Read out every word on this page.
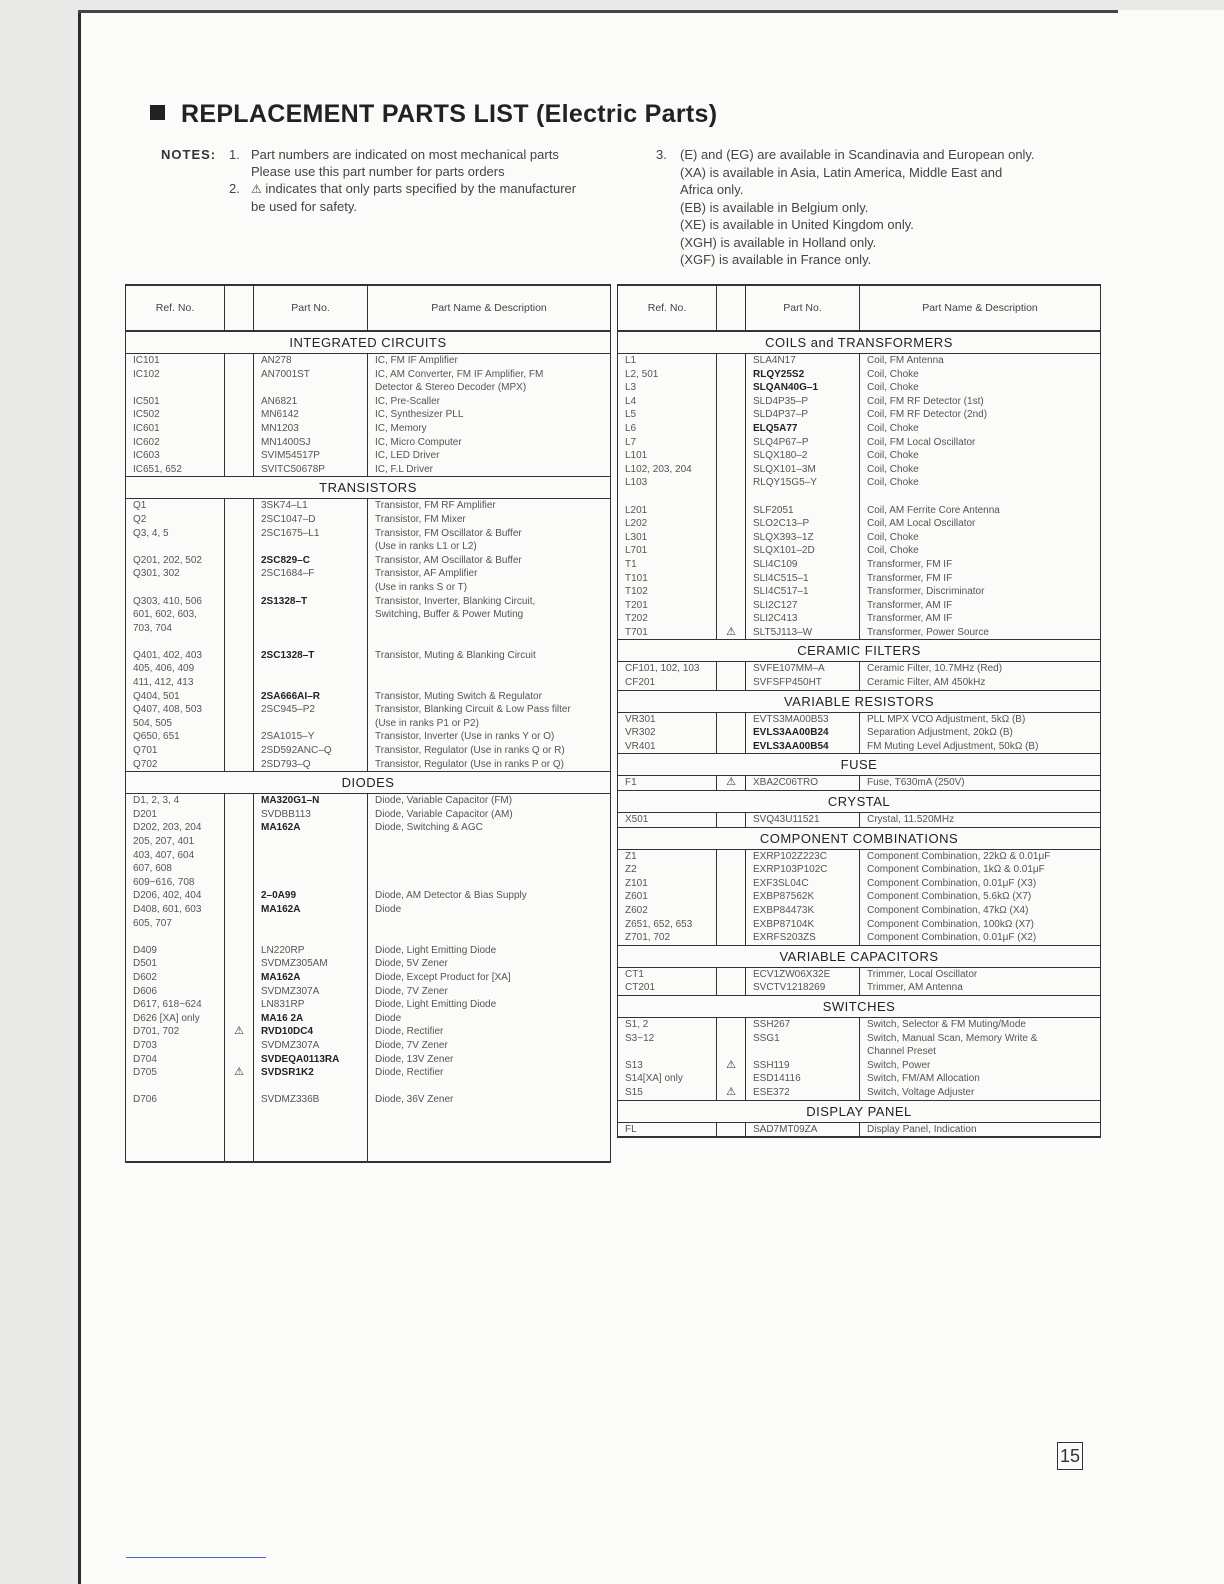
REPLACEMENT PARTS LIST (Electric Parts)
NOTES: 1. Part numbers are indicated on most mechanical parts
Please use this part number for parts orders
2. ⚠ indicates that only parts specified by the manufacturer
be used for safety.
3. (E) and (EG) are available in Scandinavia and European only.
(XA) is available in Asia, Latin America, Middle East and
Africa only.
(EB) is available in Belgium only.
(XE) is available in United Kingdom only.
(XGH) is available in Holland only.
(XGF) is available in France only.
Ref. No.		Part No.	Part Name & Description
INTEGRATED CIRCUITS			
IC101		AN278	IC, FM IF Amplifier
IC102		AN7001ST	IC, AM Converter, FM IF Amplifier, FM
			Detector & Stereo Decoder (MPX)
IC501		AN6821	IC, Pre-Scaller
IC502		MN6142	IC, Synthesizer PLL
IC601		MN1203	IC, Memory
IC602		MN1400SJ	IC, Micro Computer
IC603		SVIM54517P	IC, LED Driver
IC651, 652		SVITC50678P	IC, F.L Driver
TRANSISTORS			
Q1		3SK74–L1	Transistor, FM RF Amplifier
Q2		2SC1047–D	Transistor, FM Mixer
Q3, 4, 5		2SC1675–L1	Transistor, FM Oscillator & Buffer
			(Use in ranks L1 or L2)
Q201, 202, 502		2SC829–C	Transistor, AM Oscillator & Buffer
Q301, 302		2SC1684–F	Transistor, AF Amplifier
			(Use in ranks S or T)
Q303, 410, 506		2S1328–T	Transistor, Inverter, Blanking Circuit,
601, 602, 603,			Switching, Buffer & Power Muting
703, 704			

Q401, 402, 403		2SC1328–T	Transistor, Muting & Blanking Circuit
405, 406, 409			
411, 412, 413			
Q404, 501		2SA666AI–R	Transistor, Muting Switch & Regulator
Q407, 408, 503		2SC945–P2	Transistor, Blanking Circuit & Low Pass filter
504, 505			(Use in ranks P1 or P2)
Q650, 651		2SA1015–Y	Transistor, Inverter (Use in ranks Y or O)
Q701		2SD592ANC–Q	Transistor, Regulator (Use in ranks Q or R)
Q702		2SD793–Q	Transistor, Regulator (Use in ranks P or Q)
DIODES			
D1, 2, 3, 4		MA320G1–N	Diode, Variable Capacitor (FM)
D201		SVDBB113	Diode, Variable Capacitor (AM)
D202, 203, 204		MA162A	Diode, Switching & AGC
205, 207, 401			
403, 407, 604			
607, 608			
609~616, 708			
D206, 402, 404		2–0A99	Diode, AM Detector & Bias Supply
D408, 601, 603		MA162A	Diode
605, 707			

D409		LN220RP	Diode, Light Emitting Diode
D501		SVDMZ305AM	Diode, 5V Zener
D602		MA162A	Diode, Except Product for [XA]
D606		SVDMZ307A	Diode, 7V Zener
D617, 618~624		LN831RP	Diode, Light Emitting Diode
D626 [XA] only		MA16 2A	Diode
D701, 702	⚠	RVD10DC4	Diode, Rectifier
D703		SVDMZ307A	Diode, 7V Zener
D704		SVDEQA0113RA	Diode, 13V Zener
D705	⚠	SVDSR1K2	Diode, Rectifier

D706		SVDMZ336B	Diode, 36V Zener

Ref. No.		Part No.	Part Name & Description
COILS and TRANSFORMERS			
L1		SLA4N17	Coil, FM Antenna
L2, 501		RLQY25S2	Coil, Choke
L3		SLQAN40G–1	Coil, Choke
L4		SLD4P35–P	Coil, FM RF Detector (1st)
L5		SLD4P37–P	Coil, FM RF Detector (2nd)
L6		ELQ5A77	Coil, Choke
L7		SLQ4P67–P	Coil, FM Local Oscillator
L101		SLQX180–2	Coil, Choke
L102, 203, 204		SLQX101–3M	Coil, Choke
L103		RLQY15G5–Y	Coil, Choke

L201		SLF2051	Coil, AM Ferrite Core Antenna
L202		SLO2C13–P	Coil, AM Local Oscillator
L301		SLQX393–1Z	Coil, Choke
L701		SLQX101–2D	Coil, Choke
T1		SLI4C109	Transformer, FM IF
T101		SLI4C515–1	Transformer, FM IF
T102		SLI4C517–1	Transformer, Discriminator
T201		SLI2C127	Transformer, AM IF
T202		SLI2C413	Transformer, AM IF
T701	⚠	SLT5J113–W	Transformer, Power Source
CERAMIC FILTERS			
CF101, 102, 103		SVFE107MM–A	Ceramic Filter, 10.7MHz (Red)
CF201		SVFSFP450HT	Ceramic Filter, AM 450kHz
VARIABLE RESISTORS			
VR301		EVTS3MA00B53	PLL MPX VCO Adjustment, 5kΩ (B)
VR302		EVLS3AA00B24	Separation Adjustment, 20kΩ (B)
VR401		EVLS3AA00B54	FM Muting Level Adjustment, 50kΩ (B)
FUSE			
F1	⚠	XBA2C06TRO	Fuse, T630mA (250V)
CRYSTAL			
X501		SVQ43U11521	Crystal, 11.520MHz
COMPONENT COMBINATIONS			
Z1		EXRP102Z223C	Component Combination, 22kΩ & 0.01μF
Z2		EXRP103P102C	Component Combination, 1kΩ & 0.01μF
Z101		EXF3SL04C	Component Combination, 0.01μF (X3)
Z601		EXBP87562K	Component Combination, 5.6kΩ (X7)
Z602		EXBP84473K	Component Combination, 47kΩ (X4)
Z651, 652, 653		EXBP87104K	Component Combination, 100kΩ (X7)
Z701, 702		EXRFS203ZS	Component Combination, 0.01μF (X2)
VARIABLE CAPACITORS			
CT1		ECV1ZW06X32E	Trimmer, Local Oscillator
CT201		SVCTV1218269	Trimmer, AM Antenna
SWITCHES			
S1, 2		SSH267	Switch, Selector & FM Muting/Mode
S3~12		SSG1	Switch, Manual Scan, Memory Write &
			Channel Preset
S13	⚠	SSH119	Switch, Power
S14[XA] only		ESD14116	Switch, FM/AM Allocation
S15	⚠	ESE372	Switch, Voltage Adjuster
DISPLAY PANEL			
FL		SAD7MT09ZA	Display Panel, Indication
15
